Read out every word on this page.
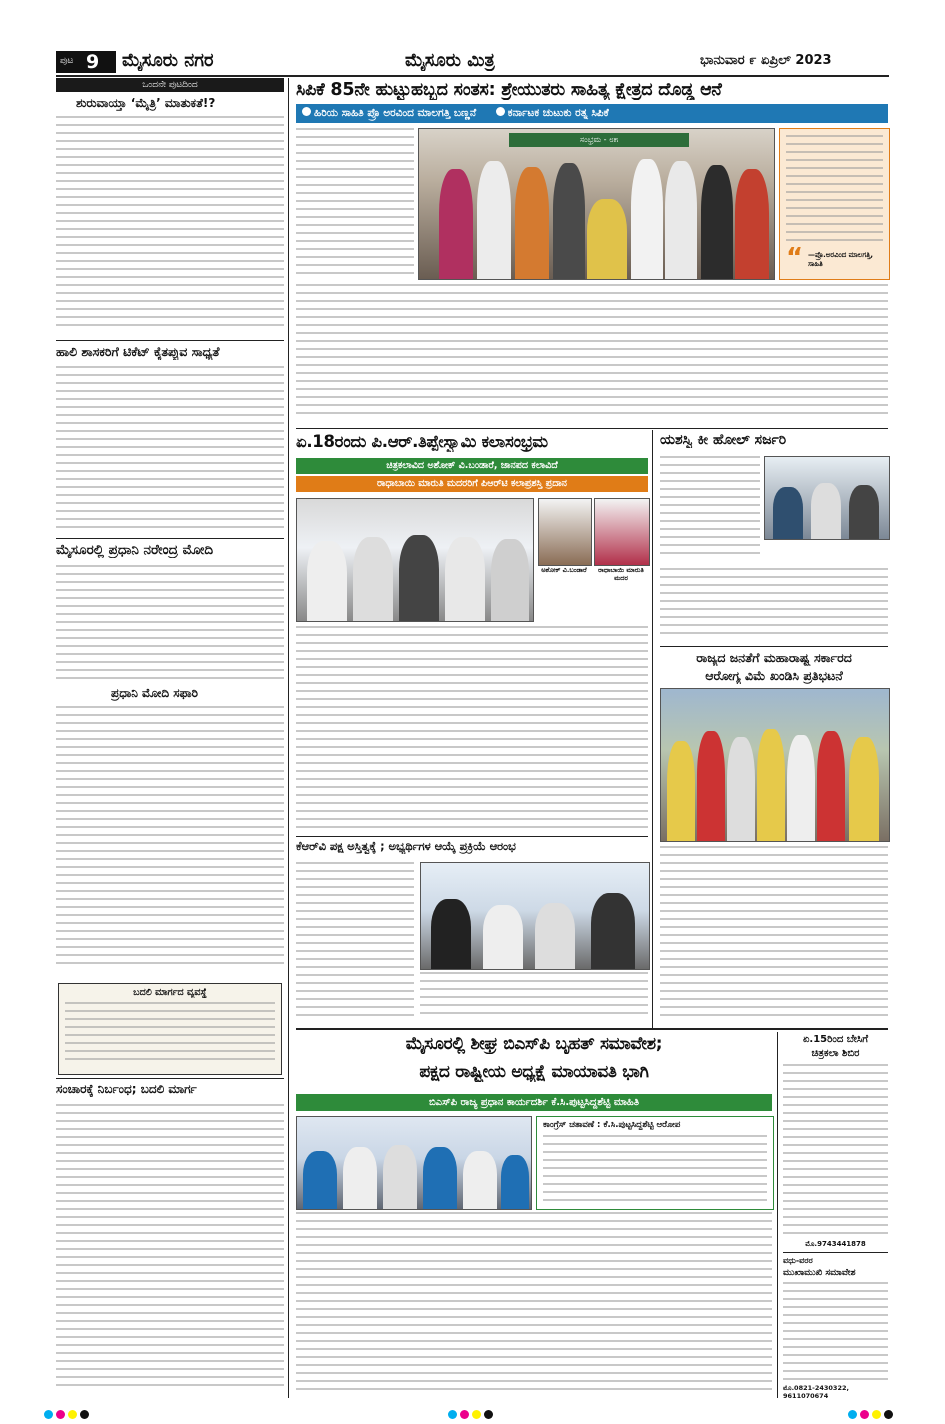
ಪುಟ 9 ಮೈಸೂರು ನಗರ	ಮೈಸೂರು ಮಿತ್ರ	ಭಾನುವಾರ ೯ ಏಪ್ರಿಲ್ 2023
ಒಂದನೇ ಪುಟದಿಂದ
ಶುರುವಾಯ್ತಾ ‘ಮೈತ್ರಿ’ ಮಾತುಕತೆ!?
ಹಾಲಿ ಶಾಸಕರಿಗೆ ಟಿಕೆಟ್ ಕೈತಪ್ಪುವ ಸಾಧ್ಯತೆ
ಮೈಸೂರಲ್ಲಿ ಪ್ರಧಾನಿ ನರೇಂದ್ರ ಮೋದಿ
ಪ್ರಧಾನಿ ಮೋದಿ ಸಫಾರಿ
ಬದಲಿ ಮಾರ್ಗದ ವ್ಯವಸ್ಥೆ
ಸಂಚಾರಕ್ಕೆ ನಿರ್ಬಂಧ; ಬದಲಿ ಮಾರ್ಗ
ಸಿಪಿಕೆ 85ನೇ ಹುಟ್ಟುಹಬ್ಬದ ಸಂತಸ: ಶ್ರೇಯುತರು ಸಾಹಿತ್ಯ ಕ್ಷೇತ್ರದ ದೊಡ್ಡ ಆನೆ
ಹಿರಿಯ ಸಾಹಿತಿ ಪ್ರೊ ಅರವಿಂದ ಮಾಲಗತ್ತಿ ಬಣ್ಣನೆ	ಕರ್ನಾಟಕ ಚುಟುಕು ರತ್ನ ಸಿಪಿಕೆ
ಸಂಭ್ರಮ - ೮೫
“ —ಪ್ರೊ.ಅರವಿಂದ ಮಾಲಗತ್ತಿ, ಸಾಹಿತಿ
ಏ.18ರಂದು ಪಿ.ಆರ್.ತಿಪ್ಪೇಸ್ವಾಮಿ ಕಲಾಸಂಭ್ರಮ
ಚಿತ್ರಕಲಾವಿದ ಅಶೋಕ್ ವಿ.ಬಂಡಾರೆ, ಜಾನಪದ ಕಲಾವಿದೆ
ರಾಧಾಬಾಯಿ ಮಾರುತಿ ಮದರರಿಗೆ ಪಿಆರ್‌ಟಿ ಕಲಾಪ್ರಶಸ್ತಿ ಪ್ರದಾನ
ಅಶೋಕ್ ವಿ.ಬಂಡಾರೆ	ರಾಧಾಬಾಯಿ ಮಾರುತಿ ಮದರ
ಕೆಆರ್‌ವಿ ಪಕ್ಷ ಅಸ್ತಿತ್ವಕ್ಕೆ ; ಅಭ್ಯರ್ಥಿಗಳ ಆಯ್ಕೆ ಪ್ರಕ್ರಿಯೆ ಆರಂಭ
ಯಶಸ್ವಿ ಕೀ ಹೋಲ್ ಸರ್ಜರಿ
ರಾಜ್ಯದ ಜನತೆಗೆ ಮಹಾರಾಷ್ಟ್ರ ಸರ್ಕಾರದ
ಆರೋಗ್ಯ ವಿಮೆ ಖಂಡಿಸಿ ಪ್ರತಿಭಟನೆ
ಮೈಸೂರಲ್ಲಿ ಶೀಘ್ರ ಬಿಎಸ್‌ಪಿ ಬೃಹತ್ ಸಮಾವೇಶ;
ಪಕ್ಷದ ರಾಷ್ಟ್ರೀಯ ಅಧ್ಯಕ್ಷೆ ಮಾಯಾವತಿ ಭಾಗಿ
ಬಿಎಸ್‌ಪಿ ರಾಜ್ಯ ಪ್ರಧಾನ ಕಾರ್ಯದರ್ಶಿ ಕೆ.ಸಿ.ಪುಟ್ಟಸಿದ್ದಶೆಟ್ಟಿ ಮಾಹಿತಿ
ಕಾಂಗ್ರೆಸ್ ಚತಾವಣೆ : ಕೆ.ಸಿ.ಪುಟ್ಟಸಿದ್ದಶೆಟ್ಟಿ ಆರೋಪ
ಏ.15ರಿಂದ ಬೇಸಿಗೆ
ಚಿತ್ರಕಲಾ ಶಿಬಿರ
ಮೊ.9743441878
ವಧು-ವರರ
ಮುಖಾಮುಖಿ ಸಮಾವೇಶ
ಮೊ.0821-2430322, 9611070674
